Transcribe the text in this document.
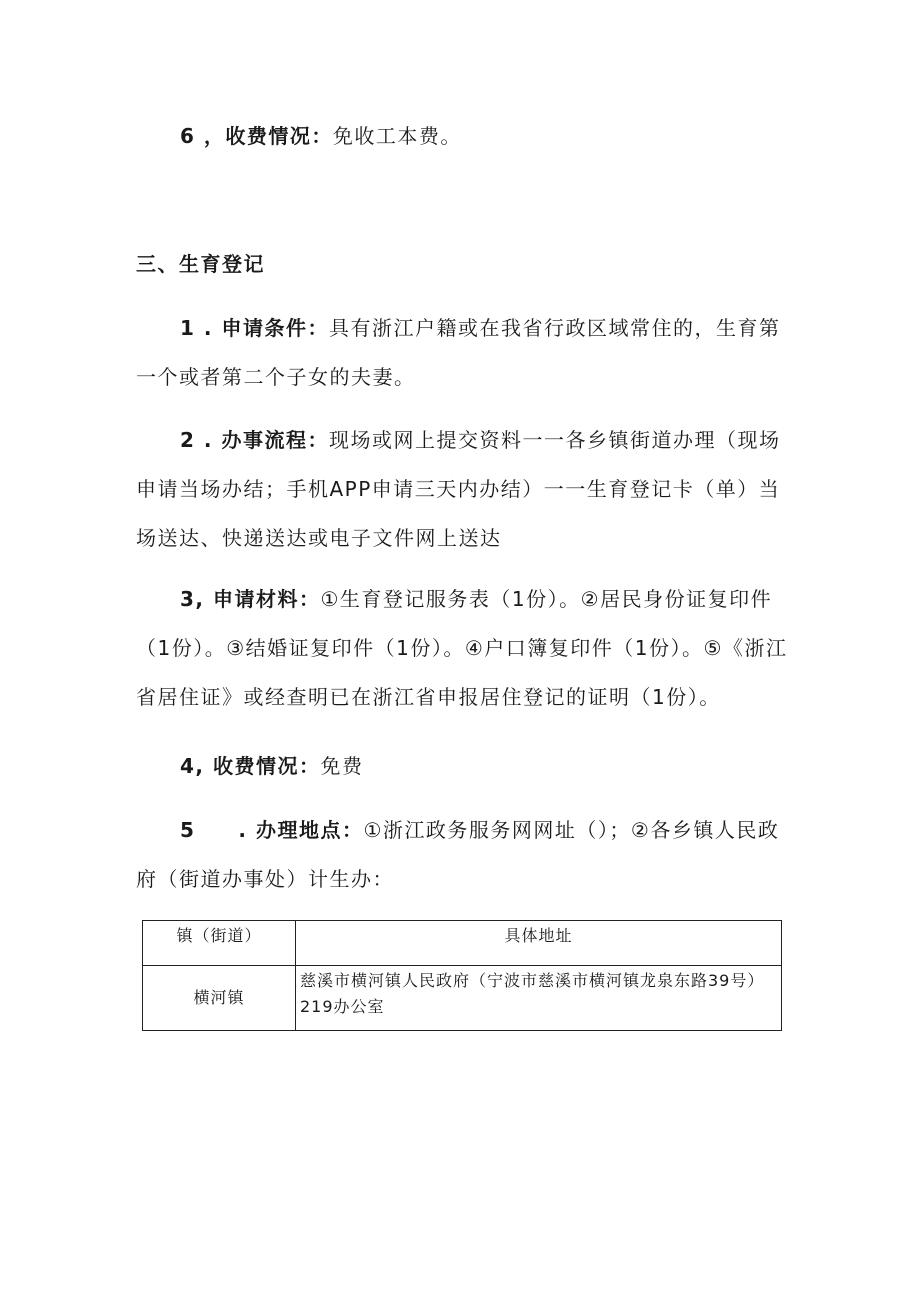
6 ，收费情况：免收工本费。
三、生育登记
1 . 申请条件：具有浙江户籍或在我省行政区域常住的，生育第一个或者第二个子女的夫妻。
2 . 办事流程：现场或网上提交资料一一各乡镇街道办理（现场申请当场办结；手机APP申请三天内办结）一一生育登记卡（单）当场送达、快递送达或电子文件网上送达
3, 申请材料：①生育登记服务表（1份）。②居民身份证复印件（1份）。③结婚证复印件（1份）。④户口簿复印件（1份）。⑤《浙江省居住证》或经查明已在浙江省申报居住登记的证明（1份）。
4, 收费情况：免费
5　　. 办理地点：①浙江政务服务网网址（）；②各乡镇人民政府（街道办事处）计生办：
镇（街道）	具体地址
横河镇	慈溪市横河镇人民政府（宁波市慈溪市横河镇龙泉东路39号）219办公室
